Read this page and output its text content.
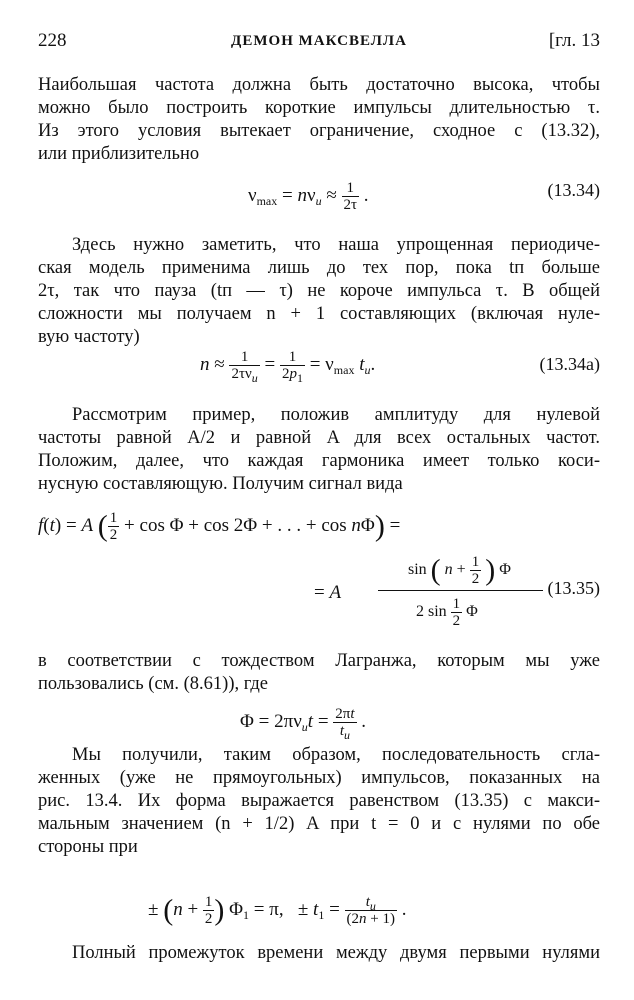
228	ДЕМОН МАКСВЕЛЛА	[гл. 13
Наибольшая частота должна быть достаточно высока, чтобы
можно было построить короткие импульсы длительностью τ.
Из этого условия вытекает ограничение, сходное с (13.32),
или приблизительно
$\nu_{max} = n\nu_u \approx \frac{1}{2\tau}$ .	(13.34)
Здесь нужно заметить, что наша упрощенная периодиче-
ская модель применима лишь до тех пор, пока tп больше
2τ, так что пауза (tп — τ) не короче импульса τ. В общей
сложности мы получаем n + 1 составляющих (включая нуле-
вую частоту)
$n \approx \frac{1}{2\tau\nu_u} = \frac{1}{2p_1} = \nu_{max}$ $t_u$.	(13.34a)
Рассмотрим пример, положив амплитуду для нулевой
частоты равной A/2 и равной A для всех остальных частот.
Положим, далее, что каждая гармоника имеет только коси-
нусную составляющую. Получим сигнал вида
f(t) = A ( $\frac{1}{2} + \cos \Phi + \cos 2\Phi$ + . . . + cos nΦ) =
= A
sin ( $n + \frac{1}{2}$ ) Φ
2 $\sin \frac{1}{2}$ Φ
(13.35)
в соответствии с тождеством Лагранжа, которым мы уже
пользовались (см. (8.61)), где
$\Phi = 2\pi\nu_ut = \frac{2\pi t}{t_u}$ .
Мы получили, таким образом, последовательность сгла-
женных (уже не прямоугольных) импульсов, показанных на
рис. 13.4. Их форма выражается равенством (13.35) с макси-
мальным значением (n + 1/2) A при t = 0 и с нулями по обе
стороны при
± ($n + \frac{1}{2}$ ) $\Phi_1 = \pi$,   ± $t_1 = \frac{t_u}{(2n + 1)}$ .
Полный промежуток времени между двумя первыми нулями
